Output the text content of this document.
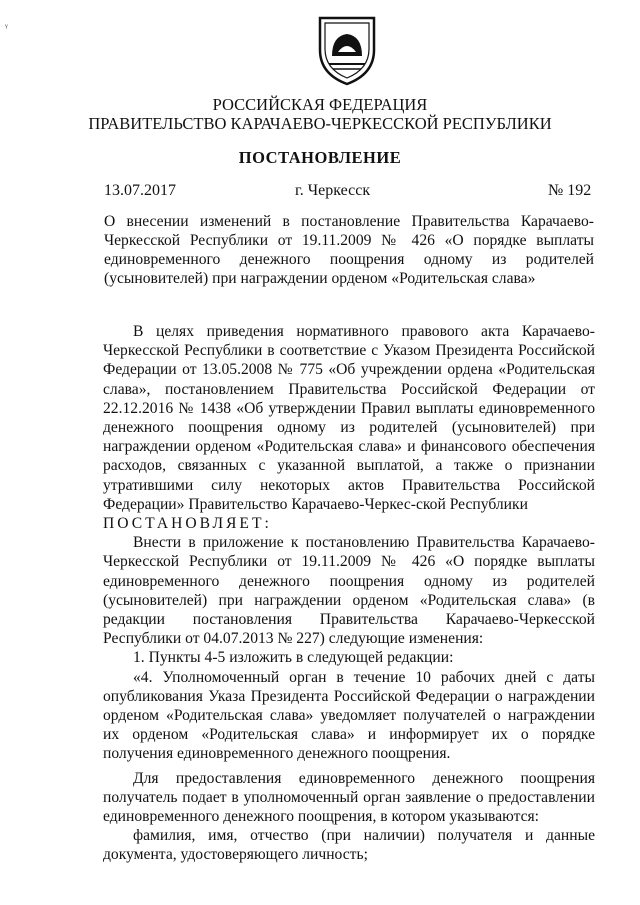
ᵞ
РОССИЙСКАЯ ФЕДЕРАЦИЯ
ПРАВИТЕЛЬСТВО КАРАЧАЕВО-ЧЕРКЕССКОЙ РЕСПУБЛИКИ
ПОСТАНОВЛЕНИЕ
13.07.2017	г. Черкесск	№ 192
О внесении изменений в постановление Правительства Карачаево-Черкесской Республики от 19.11.2009 № 426 «О порядке выплаты единовременного денежного поощрения одному из родителей (усыновителей) при награждении орденом «Родительская слава»

В целях приведения нормативного правового акта Карачаево-Черкесской Республики в соответствие с Указом Президента Российской Федерации от 13.05.2008 № 775 «Об учреждении ордена «Родительская слава», постановлением Правительства Российской Федерации от 22.12.2016 № 1438 «Об утверждении Правил выплаты единовременного денежного поощрения одному из родителей (усыновителей) при награждении орденом «Родительская слава» и финансового обеспечения расходов, связанных с указанной выплатой, а также о признании утратившими силу некоторых актов Правительства Российской Федерации» Правительство Карачаево-Черкес-ской Республики

ПОСТАНОВЛЯЕТ:

Внести в приложение к постановлению Правительства Карачаево-Черкесской Республики от 19.11.2009 № 426 «О порядке выплаты единовременного денежного поощрения одному из родителей (усыновителей) при награждении орденом «Родительская слава» (в редакции постановления Правительства Карачаево-Черкесской Республики от 04.07.2013 № 227) следующие изменения:

1. Пункты 4-5 изложить в следующей редакции:

«4. Уполномоченный орган в течение 10 рабочих дней с даты опубликования Указа Президента Российской Федерации о награждении орденом «Родительская слава» уведомляет получателей о награждении их орденом «Родительская слава» и информирует их о порядке получения единовременного денежного поощрения.

Для предоставления единовременного денежного поощрения получатель подает в уполномоченный орган заявление о предоставлении единовременного денежного поощрения, в котором указываются:

фамилия, имя, отчество (при наличии) получателя и данные документа, удостоверяющего личность;
